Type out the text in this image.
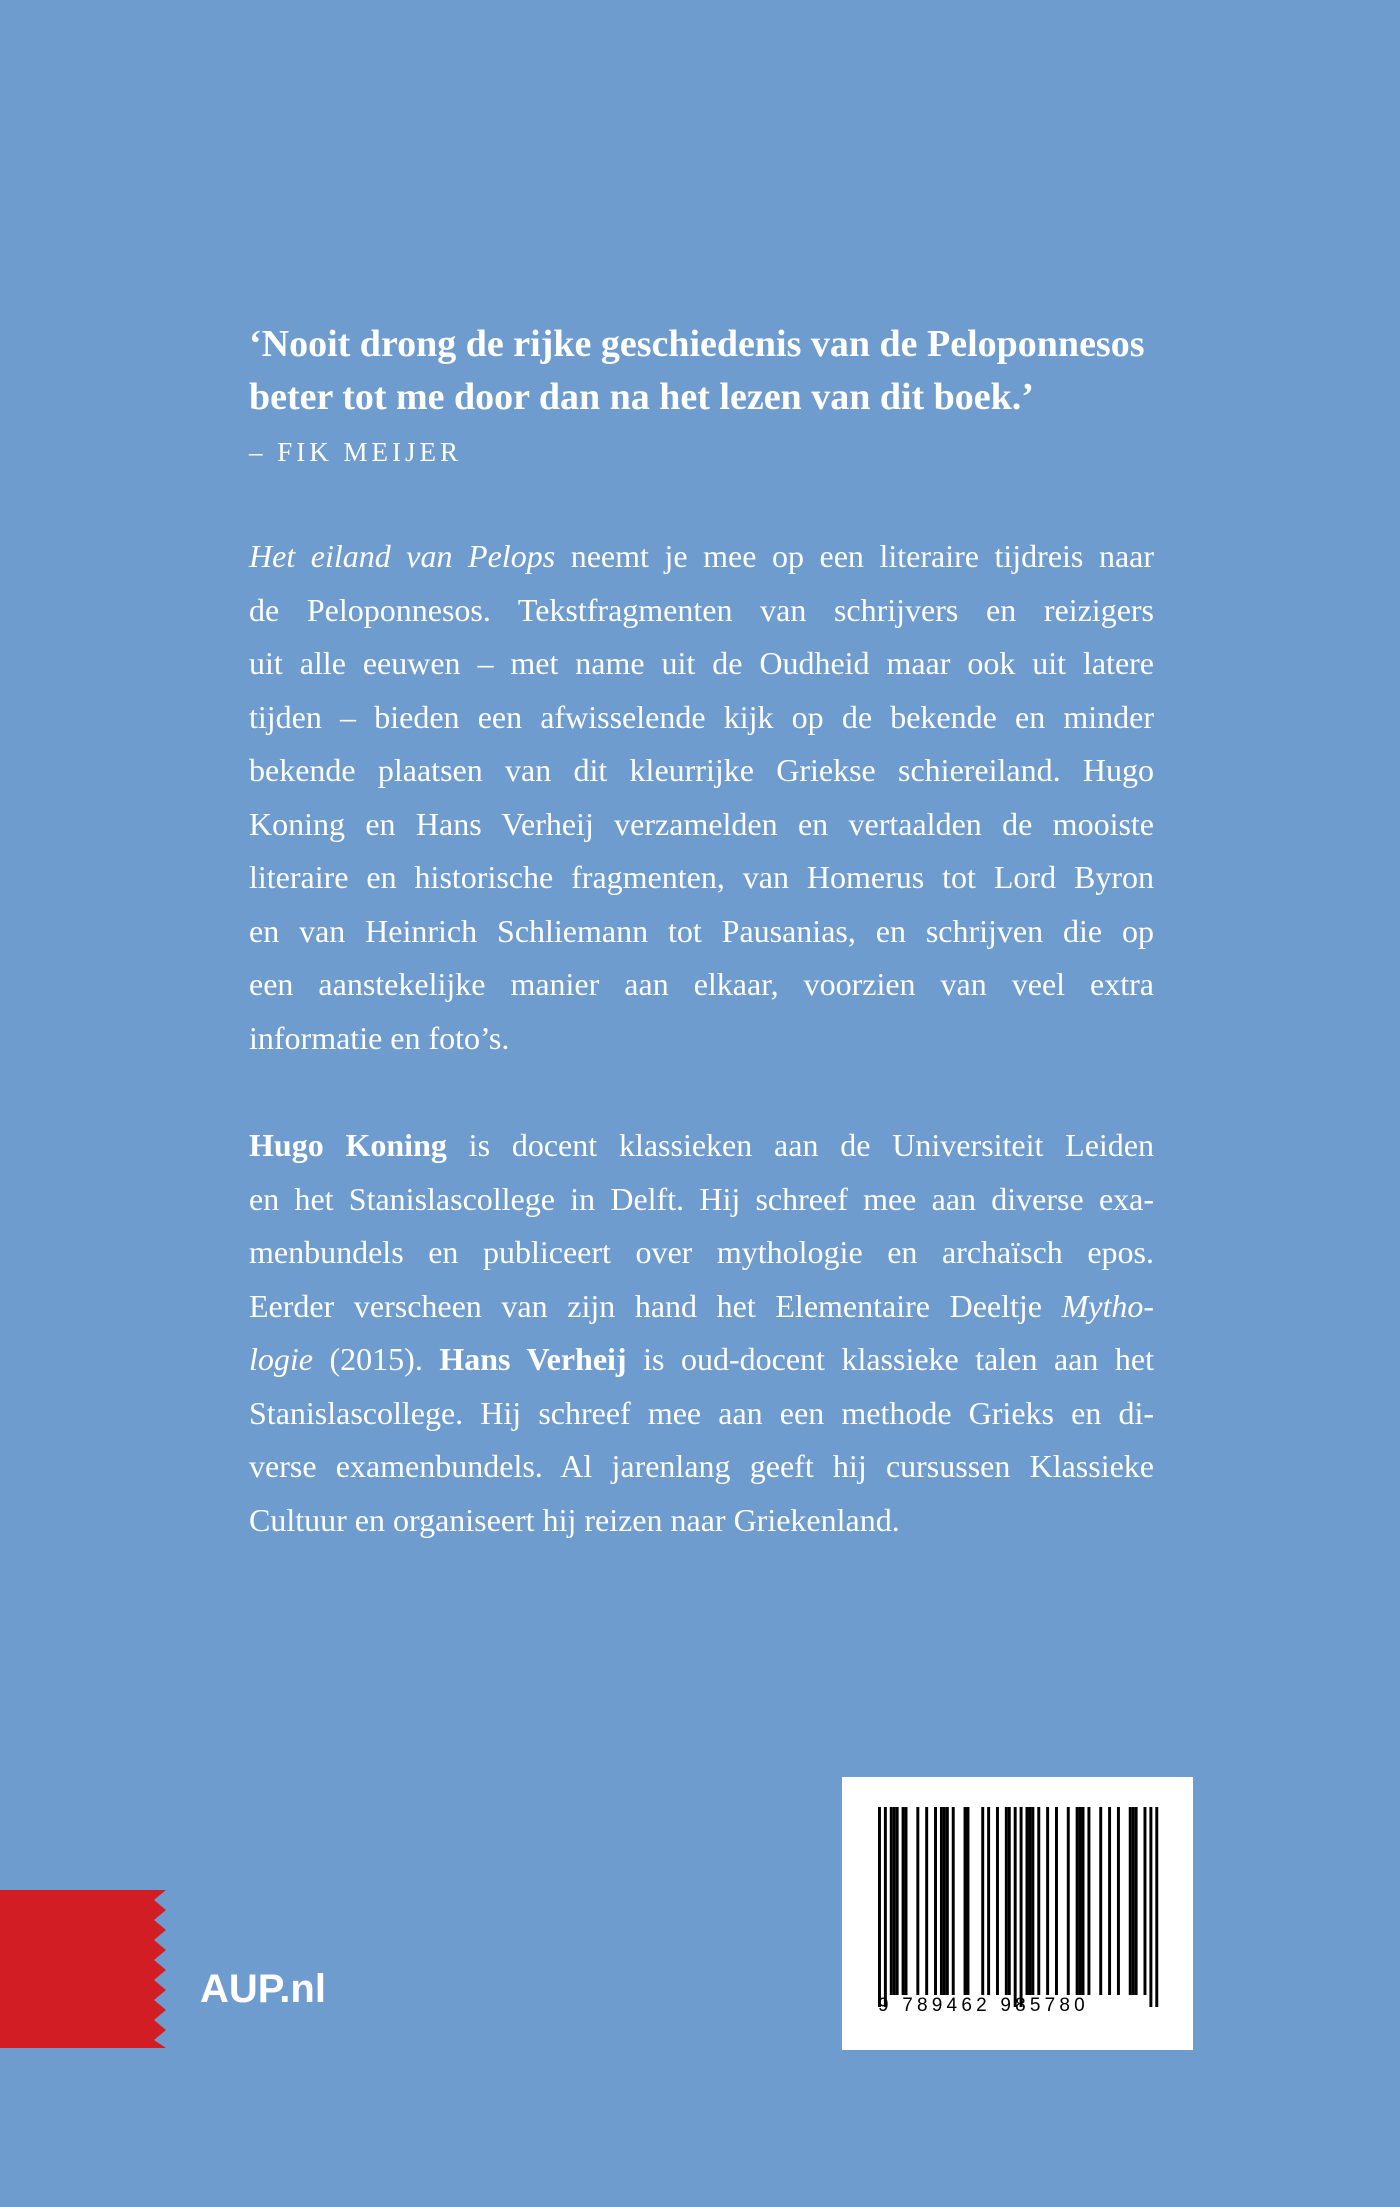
‘Nooit drong de rijke geschiedenis van de Peloponnesos
beter tot me door dan na het lezen van dit boek.’
– FIK MEIJER
Het eiland van Pelops neemt je mee op een literaire tijdreis naar
de Peloponnesos. Tekstfragmenten van schrijvers en reizigers
uit alle eeuwen – met name uit de Oudheid maar ook uit latere
tijden – bieden een afwisselende kijk op de bekende en minder
bekende plaatsen van dit kleurrijke Griekse schiereiland. Hugo
Koning en Hans Verheij verzamelden en vertaalden de mooiste
literaire en historische fragmenten, van Homerus tot Lord Byron
en van Heinrich Schliemann tot Pausanias, en schrijven die op
een aanstekelijke manier aan elkaar, voorzien van veel extra
informatie en foto’s.
Hugo Koning is docent klassieken aan de Universiteit Leiden
en het Stanislascollege in Delft. Hij schreef mee aan diverse exa-
menbundels en publiceert over mythologie en archaïsch epos.
Eerder verscheen van zijn hand het Elementaire Deeltje Mytho-
logie (2015). Hans Verheij is oud-docent klassieke talen aan het
Stanislascollege. Hij schreef mee aan een methode Grieks en di-
verse examenbundels. Al jarenlang geeft hij cursussen Klassieke
Cultuur en organiseert hij reizen naar Griekenland.
AUP.nl	9 789462 985780
